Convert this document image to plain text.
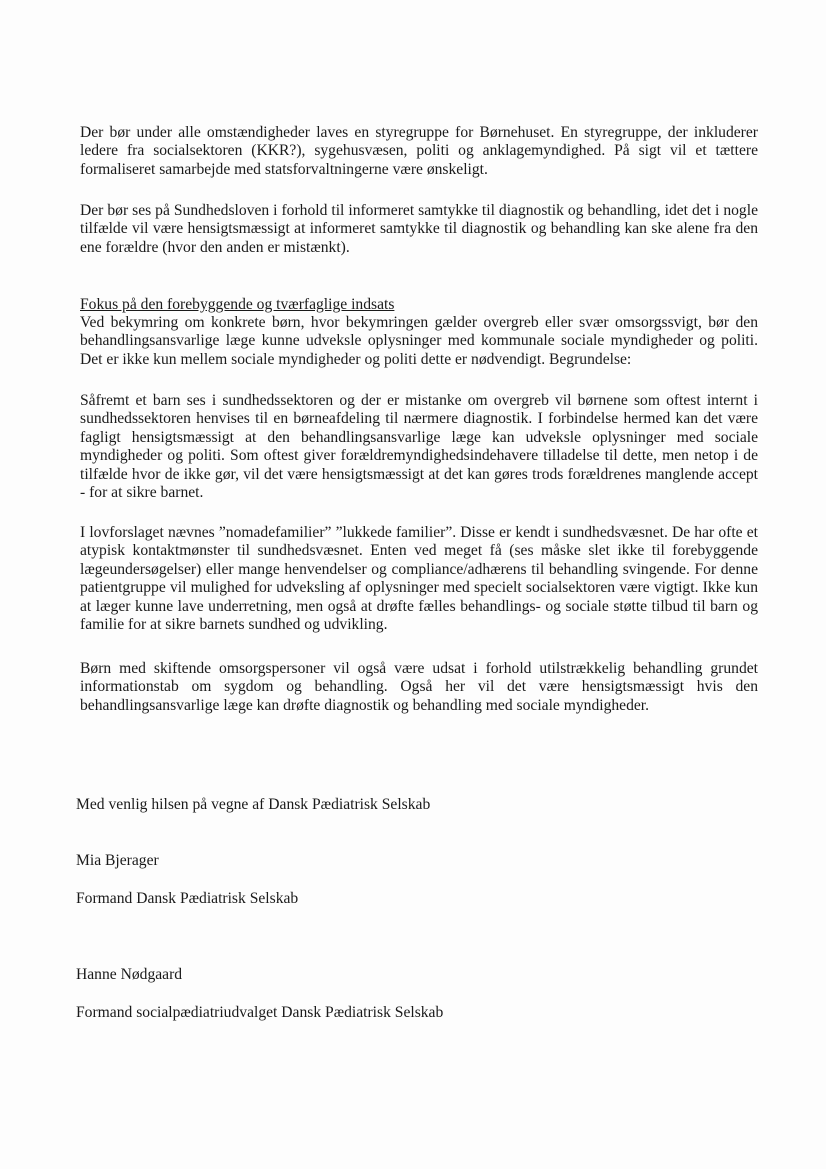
Der bør under alle omstændigheder laves en styregruppe for Børnehuset. En styregruppe, der inkluderer ledere fra socialsektoren (KKR?), sygehusvæsen, politi og anklagemyndighed. På sigt vil et tættere formaliseret samarbejde med statsforvaltningerne være ønskeligt.

Der bør ses på Sundhedsloven i forhold til informeret samtykke til diagnostik og behandling, idet det i nogle tilfælde vil være hensigtsmæssigt at informeret samtykke til diagnostik og behandling kan ske alene fra den ene forældre (hvor den anden er mistænkt).

Fokus på den forebyggende og tværfaglige indsats

Ved bekymring om konkrete børn, hvor bekymringen gælder overgreb eller svær omsorgssvigt, bør den behandlingsansvarlige læge kunne udveksle oplysninger med kommunale sociale myndigheder og politi. Det er ikke kun mellem sociale myndigheder og politi dette er nødvendigt. Begrundelse:

Såfremt et barn ses i sundhedssektoren og der er mistanke om overgreb vil børnene som oftest internt i sundhedssektoren henvises til en børneafdeling til nærmere diagnostik. I forbindelse hermed kan det være fagligt hensigtsmæssigt at den behandlingsansvarlige læge kan udveksle oplysninger med sociale myndigheder og politi. Som oftest giver forældremyndighedsindehavere tilladelse til dette, men netop i de tilfælde hvor de ikke gør, vil det være hensigtsmæssigt at det kan gøres trods forældrenes manglende accept - for at sikre barnet.

I lovforslaget nævnes ”nomadefamilier” ”lukkede familier”. Disse er kendt i sundhedsvæsnet. De har ofte et atypisk kontaktmønster til sundhedsvæsnet. Enten ved meget få (ses måske slet ikke til forebyggende lægeundersøgelser) eller mange henvendelser og compliance/adhærens til behandling svingende. For denne patientgruppe vil mulighed for udveksling af oplysninger med specielt socialsektoren være vigtigt. Ikke kun at læger kunne lave underretning, men også at drøfte fælles behandlings- og sociale støtte tilbud til barn og familie for at sikre barnets sundhed og udvikling.

Børn med skiftende omsorgspersoner vil også være udsat i forhold utilstrækkelig behandling grundet informationstab om sygdom og behandling. Også her vil det være hensigtsmæssigt hvis den behandlingsansvarlige læge kan drøfte diagnostik og behandling med sociale myndigheder.

Med venlig hilsen på vegne af Dansk Pædiatrisk Selskab

Mia Bjerager

Formand Dansk Pædiatrisk Selskab

Hanne Nødgaard

Formand socialpædiatriudvalget Dansk Pædiatrisk Selskab
